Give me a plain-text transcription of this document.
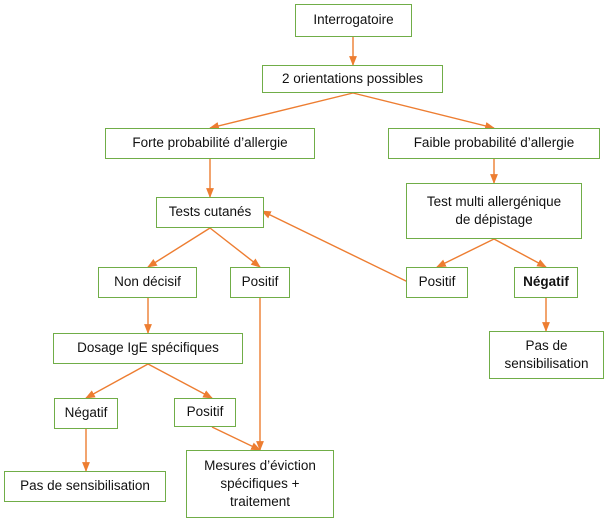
Interrogatoire
2 orientations possibles
Forte probabilité d’allergie	Faible probabilité d’allergie
Tests cutanés
Test multi allergénique
de dépistage
Non décisif	Positif	Positif	Négatif
Pas de
sensibilisation
Dosage IgE spécifiques
Négatif	Positif
Pas de sensibilisation
Mesures d’éviction
spécifiques +
traitement
